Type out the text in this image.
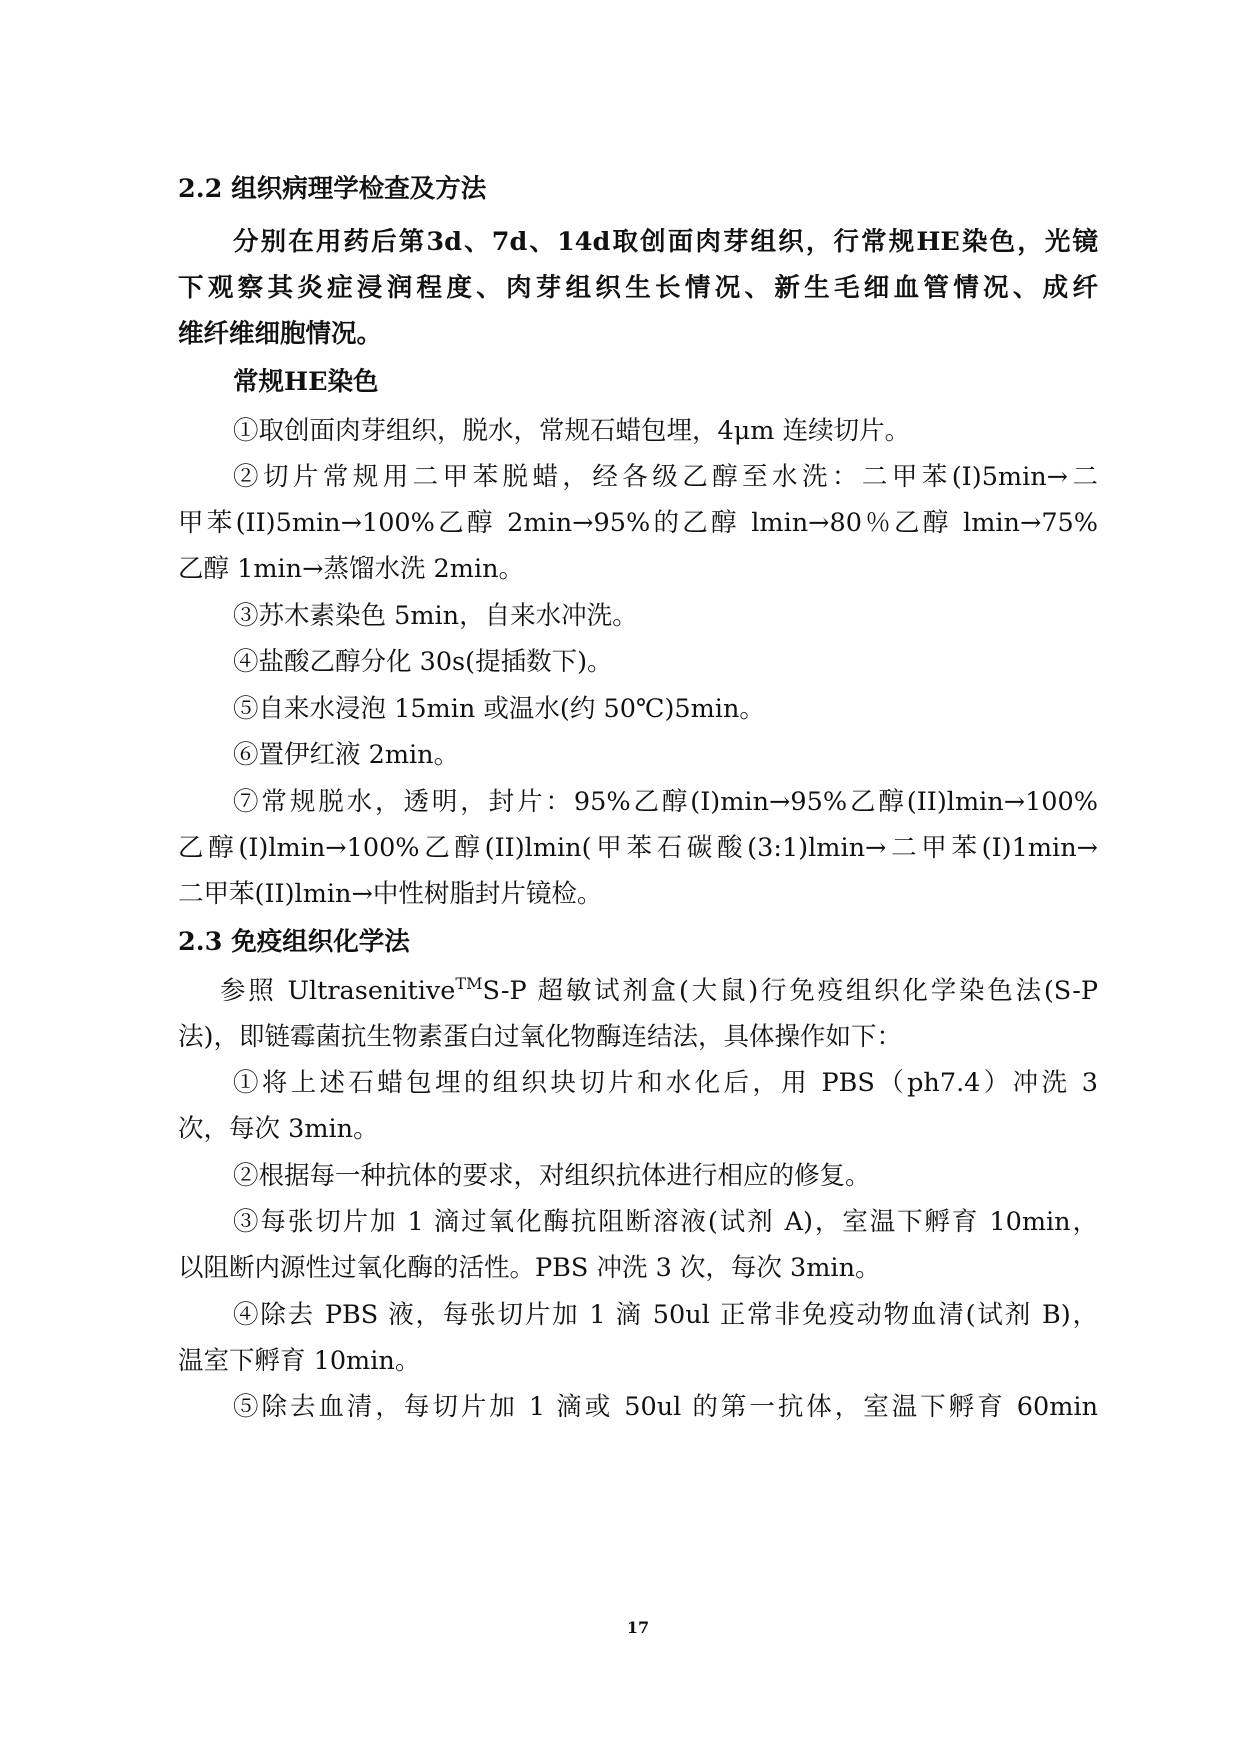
2.2 组织病理学检查及方法
分别在用药后第3d、7d、14d取创面肉芽组织，行常规HE染色，光镜
下观察其炎症浸润程度、肉芽组织生长情况、新生毛细血管情况、成纤
维纤维细胞情况。
常规HE染色
①取创面肉芽组织，脱水，常规石蜡包埋，4μm 连续切片。
②切片常规用二甲苯脱蜡，经各级乙醇至水洗：二甲苯(I)5min→二
甲苯(II)5min→100%乙醇 2min→95%的乙醇 lmin→80％乙醇 lmin→75%
乙醇 1min→蒸馏水洗 2min。
③苏木素染色 5min，自来水冲洗。
④盐酸乙醇分化 30s(提插数下)。
⑤自来水浸泡 15min 或温水(约 50℃)5min。
⑥置伊红液 2min。
⑦常规脱水，透明，封片：95%乙醇(I)min→95%乙醇(II)lmin→100%
乙醇(I)lmin→100%乙醇(II)lmin(甲苯石碳酸(3:1)lmin→二甲苯(I)1min→
二甲苯(II)lmin→中性树脂封片镜检。
2.3 免疫组织化学法
参照 Ultrasenitive™S-P 超敏试剂盒(大鼠)行免疫组织化学染色法(S-P
法)，即链霉菌抗生物素蛋白过氧化物酶连结法，具体操作如下：
①将上述石蜡包埋的组织块切片和水化后，用 PBS（ph7.4）冲洗 3
次，每次 3min。
②根据每一种抗体的要求，对组织抗体进行相应的修复。
③每张切片加 1 滴过氧化酶抗阻断溶液(试剂 A)，室温下孵育 10min，
以阻断内源性过氧化酶的活性。PBS 冲洗 3 次，每次 3min。
④除去 PBS 液，每张切片加 1 滴 50ul 正常非免疫动物血清(试剂 B)，
温室下孵育 10min。
⑤除去血清，每切片加 1 滴或 50ul 的第一抗体，室温下孵育 60min
17
